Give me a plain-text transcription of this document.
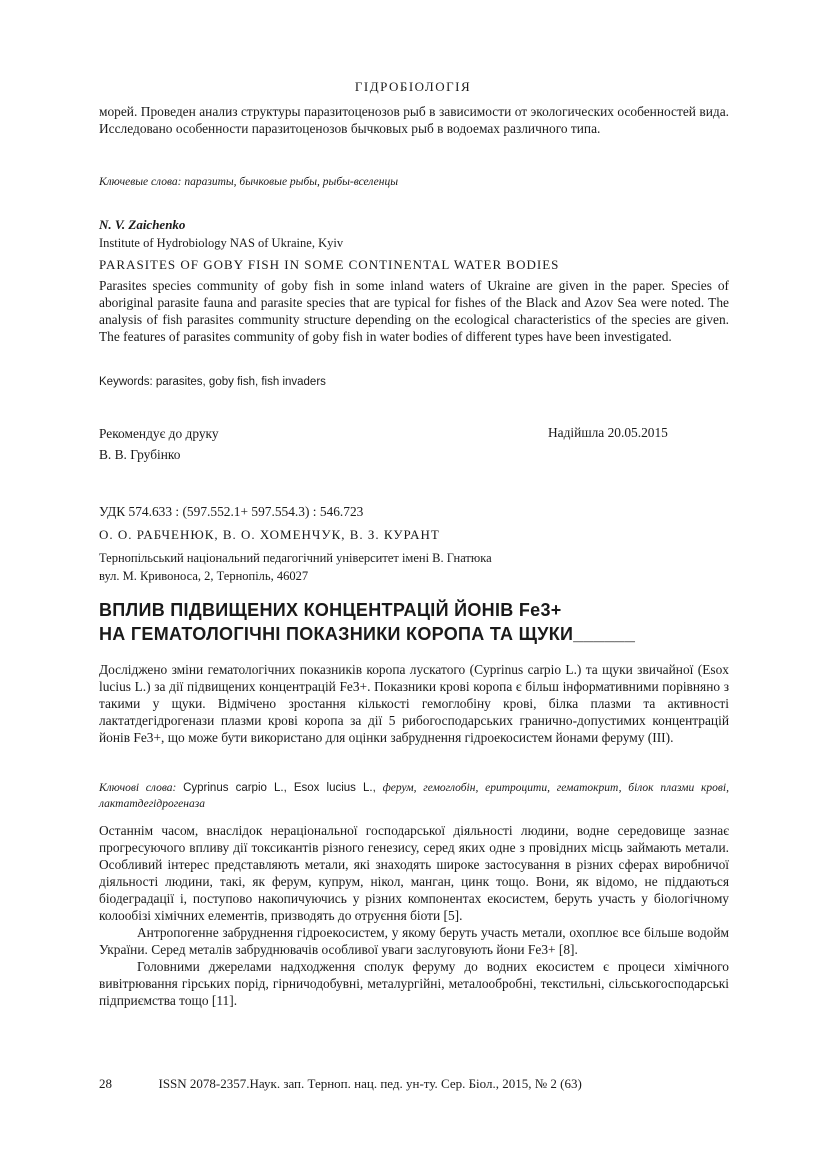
ГІДРОБІОЛОГІЯ

морей. Проведен анализ структуры паразитоценозов рыб в зависимости от экологических особенностей вида. Исследовано особенности паразитоценозов бычковых рыб в водоемах различного типа.

Ключевые слова: паразиты, бычковые рыбы, рыбы-вселенцы
N. V. Zaichenko
Institute of Hydrobiology NAS of Ukraine, Kyiv
PARASITES OF GOBY FISH IN SOME CONTINENTAL WATER BODIES

Parasites species community of goby fish in some inland waters of Ukraine are given in the paper. Species of aboriginal parasite fauna and parasite species that are typical for fishes of the Black and Azov Sea were noted. The analysis of fish parasites community structure depending on the ecological characteristics of the species are given. The features of parasites community of goby fish in water bodies of different types have been investigated.

Keywords: parasites, goby fish, fish invaders
Рекомендує до друку	Надійшла 20.05.2015
В. В. Грубінко
УДК 574.633 : (597.552.1+ 597.554.3) : 546.723
О. О. РАБЧЕНЮК, В. О. ХОМЕНЧУК, В. З. КУРАНТ
Тернопільський національний педагогічний університет імені В. Гнатюка
вул. М. Кривоноса, 2, Тернопіль, 46027
ВПЛИВ ПІДВИЩЕНИХ КОНЦЕНТРАЦІЙ ЙОНІВ Fe3+
НА ГЕМАТОЛОГІЧНІ ПОКАЗНИКИ КОРОПА ТА ЩУКИ______

Досліджено зміни гематологічних показників коропа лускатого (Cyprinus carpio L.) та щуки звичайної (Esox lucius L.) за дії підвищених концентрацій Fe3+. Показники крові коропа є більш інформативними порівняно з такими у щуки. Відмічено зростання кількості гемоглобіну крові, білка плазми та активності лактатдегідрогенази плазми крові коропа за дії 5 рибогосподарських гранично-допустимих концентрацій йонів Fe3+, що може бути використано для оцінки забруднення гідроекосистем йонами феруму (ІІІ).

Ключові слова: Cyprinus carpio L., Esox lucius L., ферум, гемоглобін, еритроцити, гематокрит, білок плазми крові, лактатдегідрогеназа

Останнім часом, внаслідок нераціональної господарської діяльності людини, водне середовище зазнає прогресуючого впливу дії токсикантів різного генезису, серед яких одне з провідних місць займають метали. Особливий інтерес представляють метали, які знаходять широке застосування в різних сферах виробничої діяльності людини, такі, як ферум, купрум, нікол, манган, цинк тощо. Вони, як відомо, не піддаються біодеградації і, поступово накопичуючись у різних компонентах екосистем, беруть участь у біологічному колообізі хімічних елементів, призводять до отруєння біоти [5].

Антропогенне забруднення гідроекосистем, у якому беруть участь метали, охоплює все більше водойм України. Серед металів забруднювачів особливої уваги заслуговують йони Fe3+ [8].

Головними джерелами надходження сполук феруму до водних екосистем є процеси хімічного вивітрювання гірських порід, гірничодобувні, металургійні, металообробні, текстильні, сільськогосподарські підприємства тощо [11].

28	ISSN 2078-2357.Наук. зап. Терноп. нац. пед. ун-ту. Сер. Біол., 2015, № 2 (63)
